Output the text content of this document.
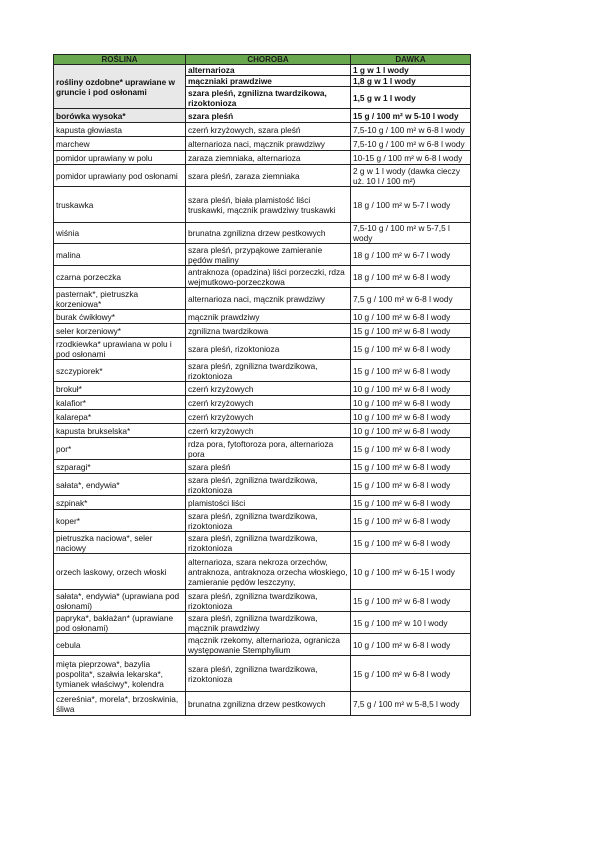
ROŚLINA	CHOROBA	DAWKA
rośliny ozdobne* uprawiane w gruncie i pod osłonami	alternarioza	1 g w 1 l wody
	mączniaki prawdziwe	1,8 g w 1 l wody
	szara pleśń, zgnilizna twardzikowa, rizoktonioza	1,5 g w 1 l wody
borówka wysoka*	szara pleśń	15 g / 100 m² w 5-10 l wody
kapusta głowiasta	czerń krzyżowych, szara pleśń	7,5-10 g / 100 m² w 6-8 l wody
marchew	alternarioza naci, mącznik prawdziwy	7,5-10 g / 100 m² w 6-8 l wody
pomidor uprawiany w polu	zaraza ziemniaka, alternarioza	10-15 g / 100 m² w 6-8 l wody
pomidor uprawiany pod osłonami	szara pleśń, zaraza ziemniaka	2 g w 1 l wody (dawka cieczy uż. 10 l / 100 m²)
truskawka	szara pleśń, biała plamistość liści truskawki, mącznik prawdziwy truskawki	18 g / 100 m² w 5-7 l wody
wiśnia	brunatna zgnilizna drzew pestkowych	7,5-10 g / 100 m² w 5-7,5 l wody
malina	szara pleśń, przypąkowe zamieranie pędów maliny	18 g / 100 m² w 6-7 l wody
czarna porzeczka	antraknoza (opadzina) liści porzeczki, rdza wejmutkowo-porzeczkowa	18 g / 100 m² w 6-8 l wody
pasternak*, pietruszka korzeniowa*	alternarioza naci, mącznik prawdziwy	7,5 g / 100 m² w 6-8 l wody
burak ćwikłowy*	mącznik prawdziwy	10 g / 100 m² w 6-8 l wody
seler korzeniowy*	zgnilizna twardzikowa	15 g / 100 m² w 6-8 l wody
rzodkiewka* uprawiana w polu i pod osłonami	szara pleśń, rizoktonioza	15 g / 100 m² w 6-8 l wody
szczypiorek*	szara pleśń, zgnilizna twardzikowa, rizoktonioza	15 g / 100 m² w 6-8 l wody
brokuł*	czerń krzyżowych	10 g / 100 m² w 6-8 l wody
kalafior*	czerń krzyżowych	10 g / 100 m² w 6-8 l wody
kalarepa*	czerń krzyżowych	10 g / 100 m² w 6-8 l wody
kapusta brukselska*	czerń krzyżowych	10 g / 100 m² w 6-8 l wody
por*	rdza pora, fytoftoroza pora, alternarioza pora	15 g / 100 m² w 6-8 l wody
szparagi*	szara pleśń	15 g / 100 m² w 6-8 l wody
sałata*, endywia*	szara pleśń, zgnilizna twardzikowa, rizoktonioza	15 g / 100 m² w 6-8 l wody
szpinak*	plamistości liści	15 g / 100 m² w 6-8 l wody
koper*	szara pleśń, zgnilizna twardzikowa, rizoktonioza	15 g / 100 m² w 6-8 l wody
pietruszka naciowa*, seler naciowy	szara pleśń, zgnilizna twardzikowa, rizoktonioza	15 g / 100 m² w 6-8 l wody
orzech laskowy, orzech włoski	alternarioza, szara nekroza orzechów, antraknoza, antraknoza orzecha włoskiego, zamieranie pędów leszczyny,	10 g / 100 m² w 6-15 l wody
sałata*, endywia* (uprawiana pod osłonami)	szara pleśń, zgnilizna twardzikowa, rizoktonioza	15 g / 100 m² w 6-8 l wody
papryka*, bakłażan* (uprawiane pod osłonami)	szara pleśń, zgnilizna twardzikowa, mącznik prawdziwy	15 g / 100 m² w 10 l wody
cebula	mącznik rzekomy, alternarioza, ogranicza występowanie Stemphylium	10 g / 100 m² w 6-8 l wody
mięta pieprzowa*, bazylia pospolita*, szałwia lekarska*, tymianek właściwy*, kolendra	szara pleśń, zgnilizna twardzikowa, rizoktonioza	15 g / 100 m² w 6-8 l wody
czereśnia*, morela*, brzoskwinia, śliwa	brunatna zgnilizna drzew pestkowych	7,5 g / 100 m² w 5-8,5 l wody
